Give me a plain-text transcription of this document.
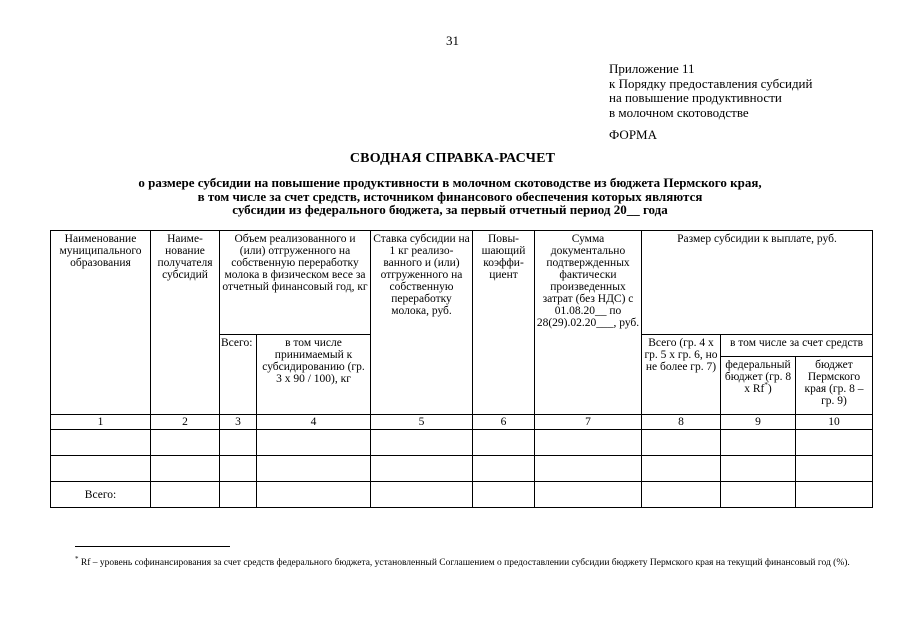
31
Приложение 11
к Порядку предоставления субсидий
на повышение продуктивности
в молочном скотоводстве
ФОРМА
СВОДНАЯ СПРАВКА-РАСЧЕТ
о размере субсидии на повышение продуктивности в молочном скотоводстве из бюджета Пермского края,
в том числе за счет средств, источником финансового обеспечения которых являются
субсидии из федерального бюджета, за первый отчетный период 20__ года
Наименование муниципального образования	Наиме-нование получателя субсидий	Объем реализованного и (или) отгруженного на собственную переработку молока в физическом весе за отчетный финансовый год, кг		Ставка субсидии на 1 кг реализо-ванного и (или) отгруженного на собственную переработку молока, руб.	Повы-шающий коэффи-циент	Сумма документально подтвержденных фактически произведенных затрат (без НДС) с 01.08.20__ по 28(29).02.20___, руб.	Размер субсидии к выплате, руб.		
		Всего:	в том числе принимаемый к субсидированию (гр. 3 х 90 / 100), кг				Всего (гр. 4 х гр. 5 х гр. 6, но не более гр. 7)	в том числе за счет средств	
								федеральный бюджет (гр. 8 х Rf*)	бюджет Пермского края (гр. 8 – гр. 9)
1	2	3	4	5	6	7	8	9	10

Всего:									
* Rf – уровень софинансирования за счет средств федерального бюджета, установленный Соглашением о предоставлении субсидии бюджету Пермского края на текущий финансовый год (%).
